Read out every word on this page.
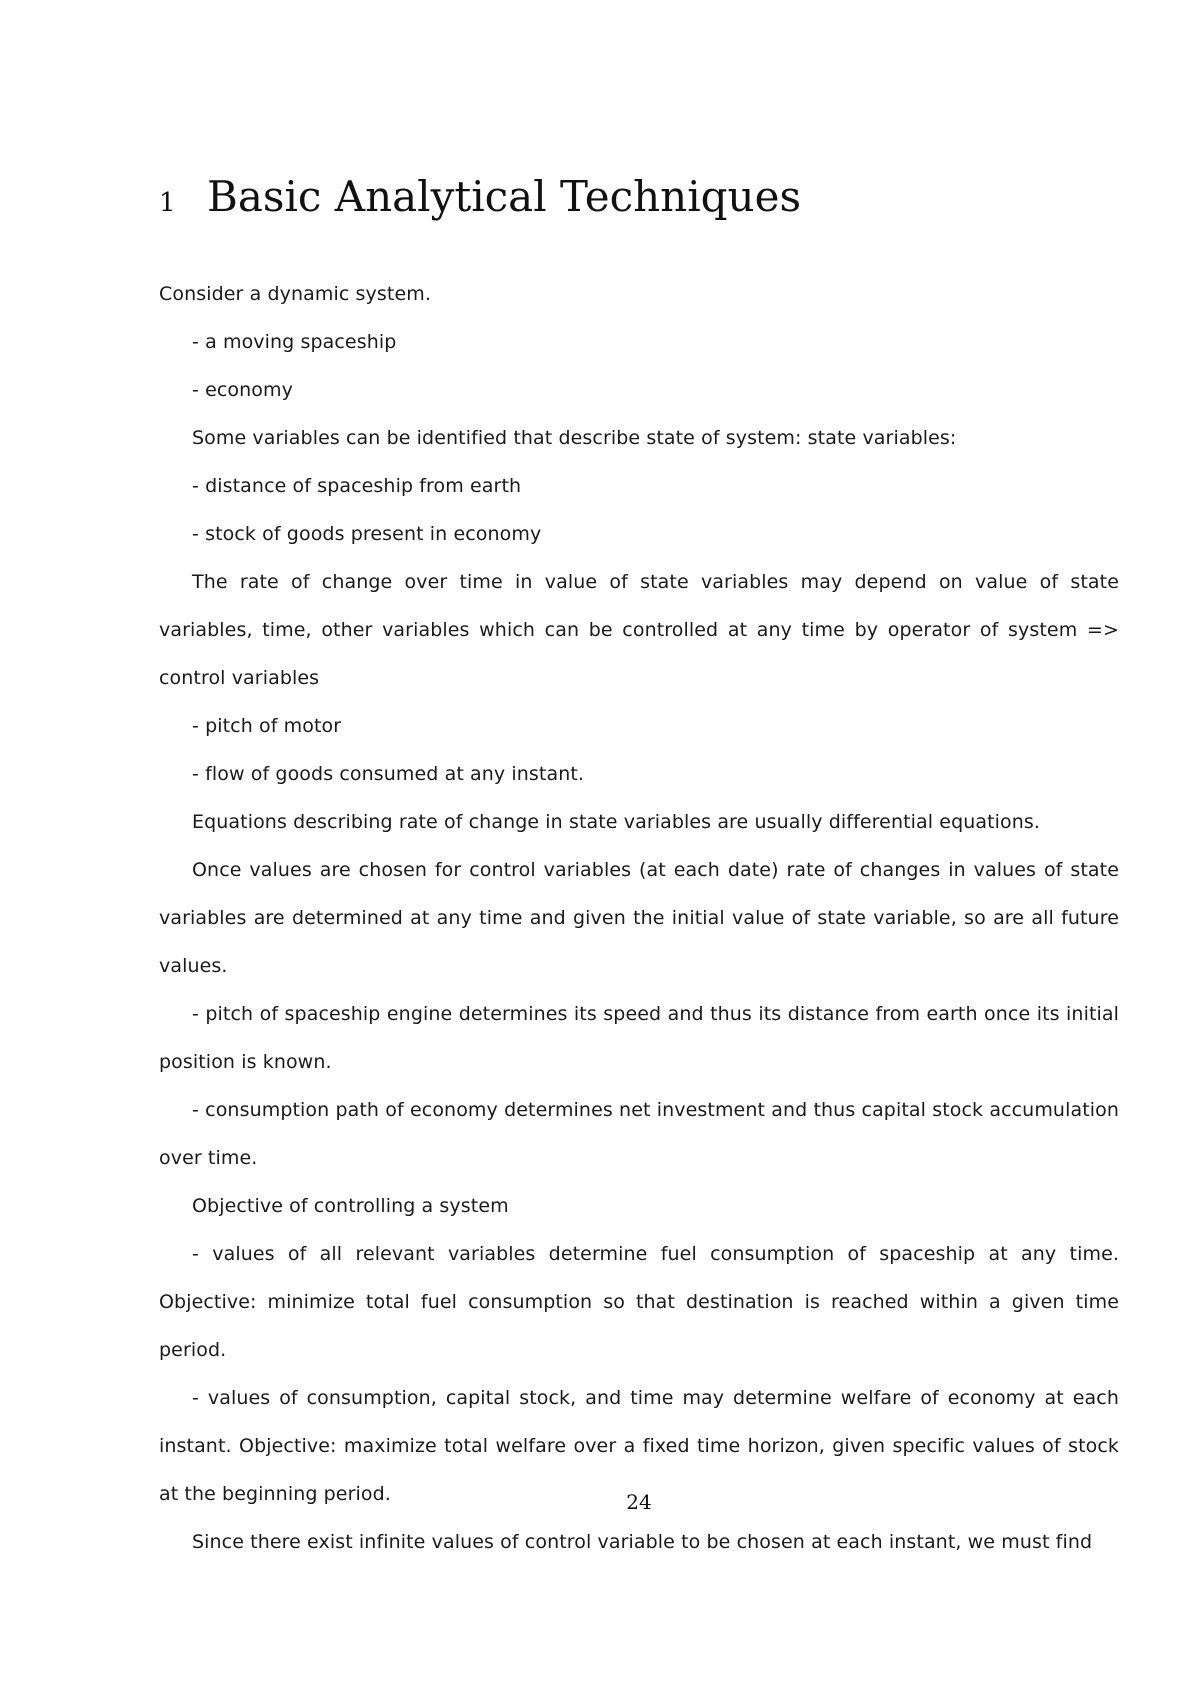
1 Basic Analytical Techniques

Consider a dynamic system.

- a moving spaceship

- economy

Some variables can be identified that describe state of system: state variables:

- distance of spaceship from earth

- stock of goods present in economy

The rate of change over time in value of state variables may depend on value of state variables, time, other variables which can be controlled at any time by operator of system => control variables

- pitch of motor

- flow of goods consumed at any instant.

Equations describing rate of change in state variables are usually differential equations.

Once values are chosen for control variables (at each date) rate of changes in values of state variables are determined at any time and given the initial value of state variable, so are all future values.

- pitch of spaceship engine determines its speed and thus its distance from earth once its initial position is known.

- consumption path of economy determines net investment and thus capital stock accumulation over time.

Objective of controlling a system

- values of all relevant variables determine fuel consumption of spaceship at any time. Objective: minimize total fuel consumption so that destination is reached within a given time period.

- values of consumption, capital stock, and time may determine welfare of economy at each instant. Objective: maximize total welfare over a fixed time horizon, given specific values of stock at the beginning period.

Since there exist infinite values of control variable to be chosen at each instant, we must find

24
